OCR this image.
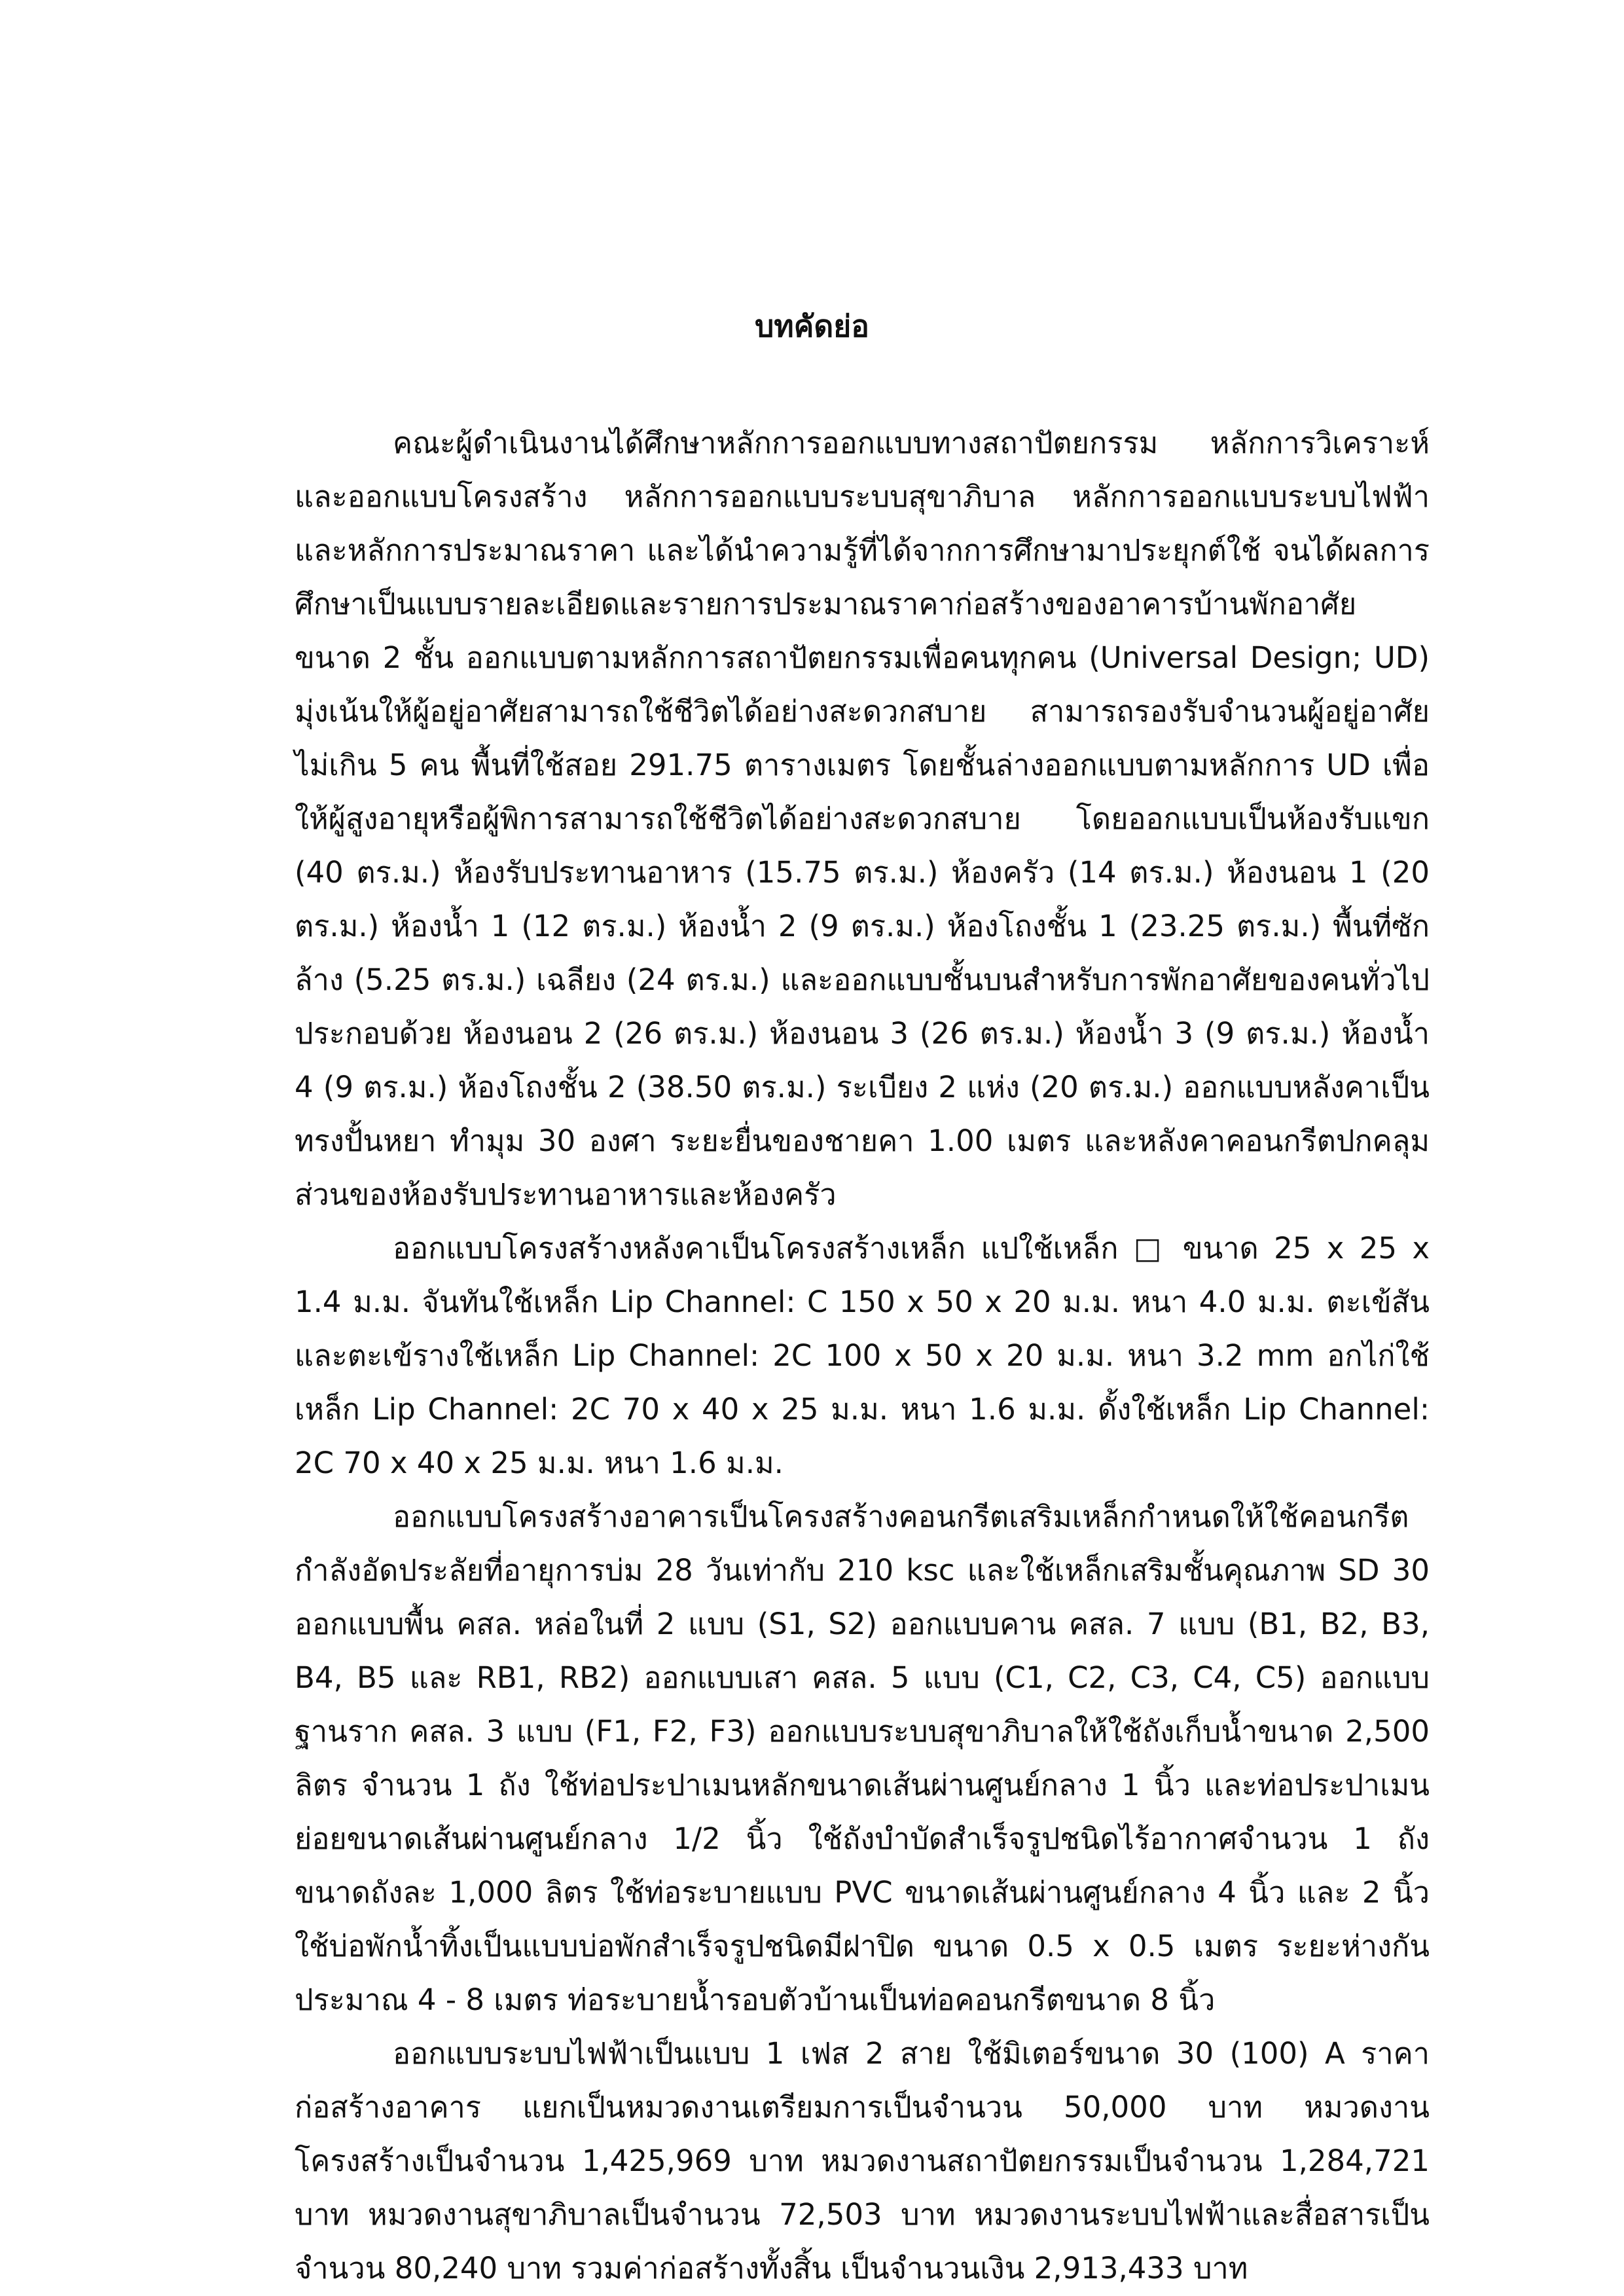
บทคัดย่อ

คณะผู้ดำเนินงานได้ศึกษาหลักการออกแบบทางสถาปัตยกรรม หลักการวิเคราะห์และออกแบบโครงสร้าง หลักการออกแบบระบบสุขาภิบาล หลักการออกแบบระบบไฟฟ้า และหลักการประมาณราคา และได้นำความรู้ที่ได้จากการศึกษามาประยุกต์ใช้ จนได้ผลการศึกษาเป็นแบบรายละเอียดและรายการประมาณราคาก่อสร้างของอาคารบ้านพักอาศัยขนาด 2 ชั้น ออกแบบตามหลักการสถาปัตยกรรมเพื่อคนทุกคน (Universal Design; UD) มุ่งเน้นให้ผู้อยู่อาศัยสามารถใช้ชีวิตได้อย่างสะดวกสบาย สามารถรองรับจำนวนผู้อยู่อาศัยไม่เกิน 5 คน พื้นที่ใช้สอย 291.75 ตารางเมตร โดยชั้นล่างออกแบบตามหลักการ UD เพื่อให้ผู้สูงอายุหรือผู้พิการสามารถใช้ชีวิตได้อย่างสะดวกสบาย โดยออกแบบเป็นห้องรับแขก (40 ตร.ม.) ห้องรับประทานอาหาร (15.75 ตร.ม.) ห้องครัว (14 ตร.ม.) ห้องนอน 1 (20 ตร.ม.) ห้องน้ำ 1 (12 ตร.ม.) ห้องน้ำ 2 (9 ตร.ม.) ห้องโถงชั้น 1 (23.25 ตร.ม.) พื้นที่ซักล้าง (5.25 ตร.ม.) เฉลียง (24 ตร.ม.) และออกแบบชั้นบนสำหรับการพักอาศัยของคนทั่วไป ประกอบด้วย ห้องนอน 2 (26 ตร.ม.) ห้องนอน 3 (26 ตร.ม.) ห้องน้ำ 3 (9 ตร.ม.) ห้องน้ำ 4 (9 ตร.ม.) ห้องโถงชั้น 2 (38.50 ตร.ม.) ระเบียง 2 แห่ง (20 ตร.ม.) ออกแบบหลังคาเป็นทรงปั้นหยา ทำมุม 30 องศา ระยะยื่นของชายคา 1.00 เมตร และหลังคาคอนกรีตปกคลุมส่วนของห้องรับประทานอาหารและห้องครัว

ออกแบบโครงสร้างหลังคาเป็นโครงสร้างเหล็ก แปใช้เหล็ก □ ขนาด 25 x 25 x 1.4 ม.ม. จันทันใช้เหล็ก Lip Channel: C 150 x 50 x 20 ม.ม. หนา 4.0 ม.ม. ตะเข้สันและตะเข้รางใช้เหล็ก Lip Channel: 2C 100 x 50 x 20 ม.ม. หนา 3.2 mm อกไก่ใช้เหล็ก Lip Channel: 2C 70 x 40 x 25 ม.ม. หนา 1.6 ม.ม. ดั้งใช้เหล็ก Lip Channel: 2C 70 x 40 x 25 ม.ม. หนา 1.6 ม.ม.

ออกแบบโครงสร้างอาคารเป็นโครงสร้างคอนกรีตเสริมเหล็กกำหนดให้ใช้คอนกรีตกำลังอัดประลัยที่อายุการบ่ม 28 วันเท่ากับ 210 ksc และใช้เหล็กเสริมชั้นคุณภาพ SD 30 ออกแบบพื้น คสล. หล่อในที่ 2 แบบ (S1, S2) ออกแบบคาน คสล. 7 แบบ (B1, B2, B3, B4, B5 และ RB1, RB2) ออกแบบเสา คสล. 5 แบบ (C1, C2, C3, C4, C5) ออกแบบฐานราก คสล. 3 แบบ (F1, F2, F3) ออกแบบระบบสุขาภิบาลให้ใช้ถังเก็บน้ำขนาด 2,500 ลิตร จำนวน 1 ถัง ใช้ท่อประปาเมนหลักขนาดเส้นผ่านศูนย์กลาง 1 นิ้ว และท่อประปาเมนย่อยขนาดเส้นผ่านศูนย์กลาง 1/2 นิ้ว ใช้ถังบำบัดสำเร็จรูปชนิดไร้อากาศจำนวน 1 ถัง ขนาดถังละ 1,000 ลิตร ใช้ท่อระบายแบบ PVC ขนาดเส้นผ่านศูนย์กลาง 4 นิ้ว และ 2 นิ้ว ใช้บ่อพักน้ำทิ้งเป็นแบบบ่อพักสำเร็จรูปชนิดมีฝาปิด ขนาด 0.5 x 0.5 เมตร ระยะห่างกันประมาณ 4 - 8 เมตร ท่อระบายน้ำรอบตัวบ้านเป็นท่อคอนกรีตขนาด 8 นิ้ว

ออกแบบระบบไฟฟ้าเป็นแบบ 1 เฟส 2 สาย ใช้มิเตอร์ขนาด 30 (100) A ราคาก่อสร้างอาคาร แยกเป็นหมวดงานเตรียมการเป็นจำนวน 50,000 บาท หมวดงานโครงสร้างเป็นจำนวน 1,425,969 บาท หมวดงานสถาปัตยกรรมเป็นจำนวน 1,284,721 บาท หมวดงานสุขาภิบาลเป็นจำนวน 72,503 บาท หมวดงานระบบไฟฟ้าและสื่อสารเป็นจำนวน 80,240 บาท รวมค่าก่อสร้างทั้งสิ้น เป็นจำนวนเงิน 2,913,433 บาท
